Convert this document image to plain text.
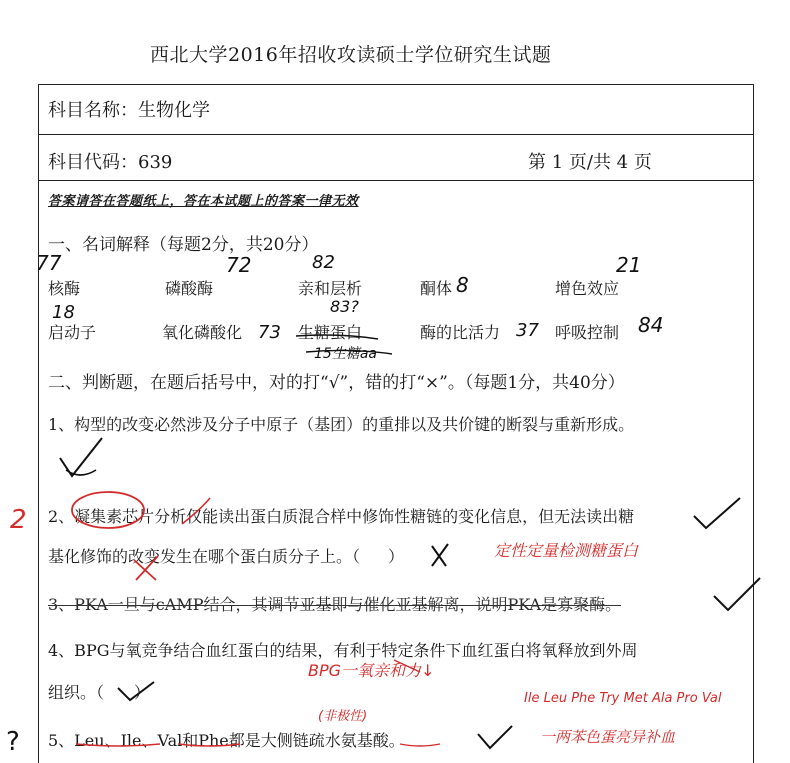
西北大学2016年招收攻读硕士学位研究生试题
科目名称：生物化学
科目代码：639	第 1 页/共 4 页
答案请答在答题纸上，答在本试题上的答案一律无效
一、名词解释（每题2分，共20分）
核酶	磷酸酶	亲和层析	酮体	增色效应
启动子	氧化磷酸化	生糖蛋白	酶的比活力	呼吸控制
二、判断题，在题后括号中，对的打“√”，错的打“×”。（每题1分，共40分）
1、构型的改变必然涉及分子中原子（基团）的重排以及共价键的断裂与重新形成。
2、凝集素芯片分析仅能读出蛋白质混合样中修饰性糖链的变化信息，但无法读出糖
基化修饰的改变发生在哪个蛋白质分子上。（ ）
3、PKA一旦与cAMP结合，其调节亚基即与催化亚基解离，说明PKA是寡聚酶。
4、BPG与氧竞争结合血红蛋白的结果，有利于特定条件下血红蛋白将氧释放到外周
组织。（ ）
5、Leu、Ile、Val和Phe都是大侧链疏水氨基酸。
77	72	82
8
21
18
73
83?
37	84
15生糖aa
2
定性定量检测糖蛋白
BPG一氧亲和力↓
(非极性)
Ile Leu Phe Try Met Ala Pro Val
一两苯色蛋亮异补血
?
